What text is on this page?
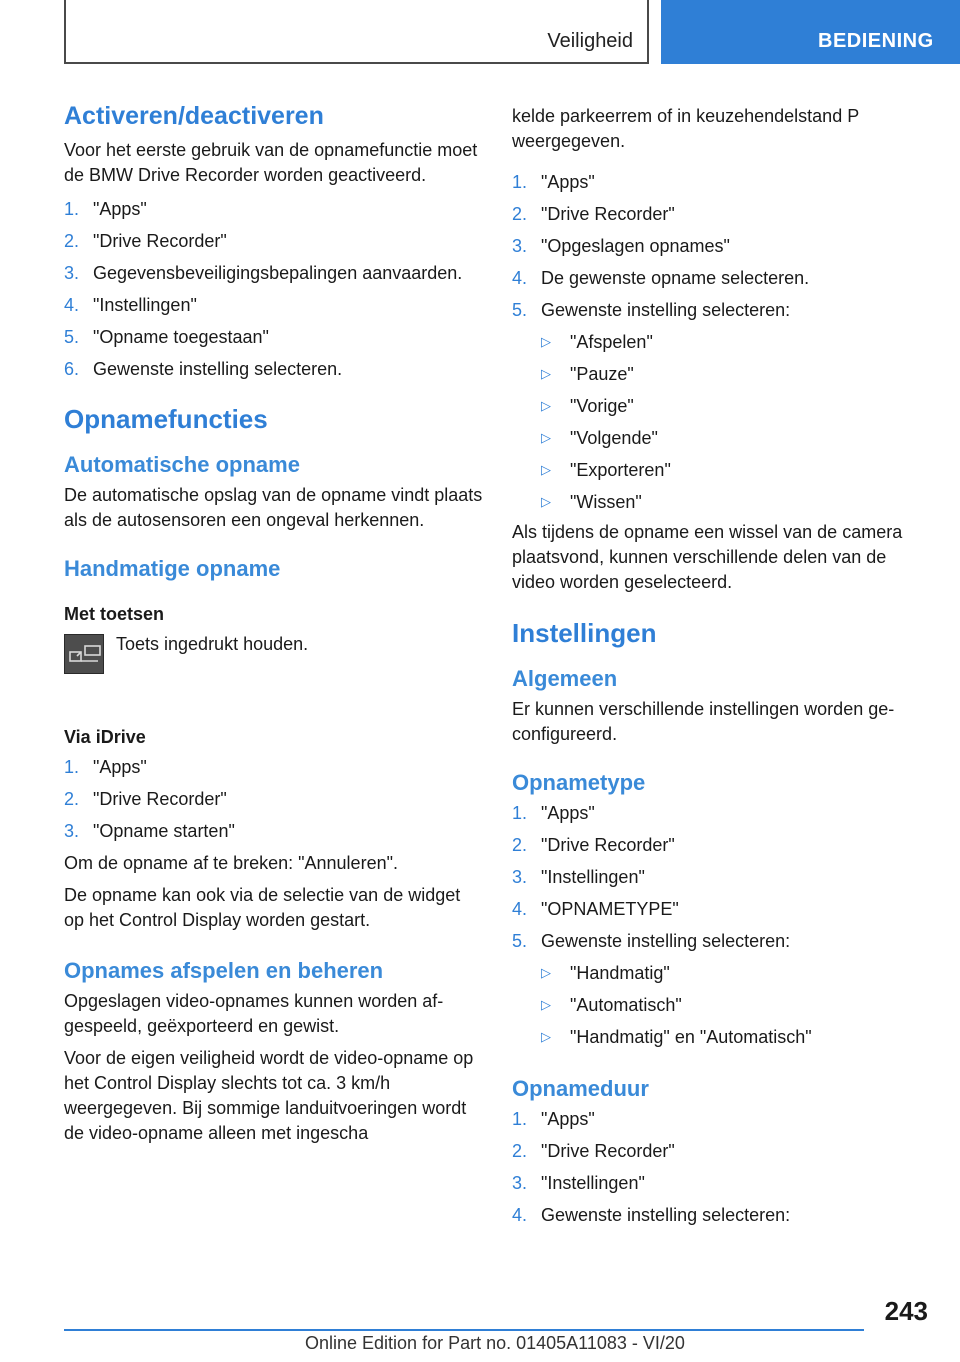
Veiligheid	BEDIENING
Activeren/deactiveren
Voor het eerste gebruik van de opnamefunctie moet de BMW Drive Recorder worden geactiveerd.
1. "Apps"
2. "Drive Recorder"
3. Gegevensbeveiligingsbepalingen aanvaarden.
4. "Instellingen"
5. "Opname toegestaan"
6. Gewenste instelling selecteren.
Opnamefuncties
Automatische opname
De automatische opslag van de opname vindt plaats als de autosensoren een ongeval herkennen.
Handmatige opname
Met toetsen
Toets ingedrukt houden.
Via iDrive
1. "Apps"
2. "Drive Recorder"
3. "Opname starten"
Om de opname af te breken: "Annuleren".
De opname kan ook via de selectie van de widget op het Control Display worden gestart.
Opnames afspelen en beheren
Opgeslagen video-opnames kunnen worden afgespeeld, geëxporteerd en gewist.
Voor de eigen veiligheid wordt de video-opname op het Control Display slechts tot ca. 3 km/h weergegeven. Bij sommige landuitvoeringen wordt de video-opname alleen met ingescha
kelde parkeerrem of in keuzehendelstand P weergegeven.
1. "Apps"
2. "Drive Recorder"
3. "Opgeslagen opnames"
4. De gewenste opname selecteren.
5. Gewenste instelling selecteren:
▷ "Afspelen"
▷ "Pauze"
▷ "Vorige"
▷ "Volgende"
▷ "Exporteren"
▷ "Wissen"
Als tijdens de opname een wissel van de camera plaatsvond, kunnen verschillende delen van de video worden geselecteerd.
Instellingen
Algemeen
Er kunnen verschillende instellingen worden geconfigureerd.
Opnametype
1. "Apps"
2. "Drive Recorder"
3. "Instellingen"
4. "OPNAMETYPE"
5. Gewenste instelling selecteren:
▷ "Handmatig"
▷ "Automatisch"
▷ "Handmatig" en "Automatisch"
Opnameduur
1. "Apps"
2. "Drive Recorder"
3. "Instellingen"
4. Gewenste instelling selecteren:
243
Online Edition for Part no. 01405A11083 - VI/20
